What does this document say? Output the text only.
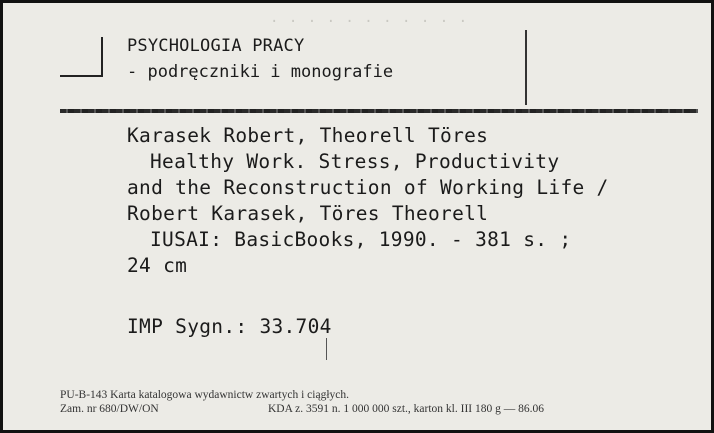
· · · · · · · · · · ·
PSYCHOLOGIA PRACY
- podręczniki i monografie
Karasek Robert, Theorell Töres
Healthy Work. Stress, Productivity
and the Reconstruction of Working Life /
Robert Karasek, Töres Theorell
IUSAI: BasicBooks, 1990. - 381 s. ;
24 cm
IMP Sygn.: 33.704
PU-B-143 Karta katalogowa wydawnictw zwartych i ciągłych.
Zam. nr 680/DW/ON	KDA z. 3591 n. 1 000 000 szt., karton kl. III 180 g — 86.06
